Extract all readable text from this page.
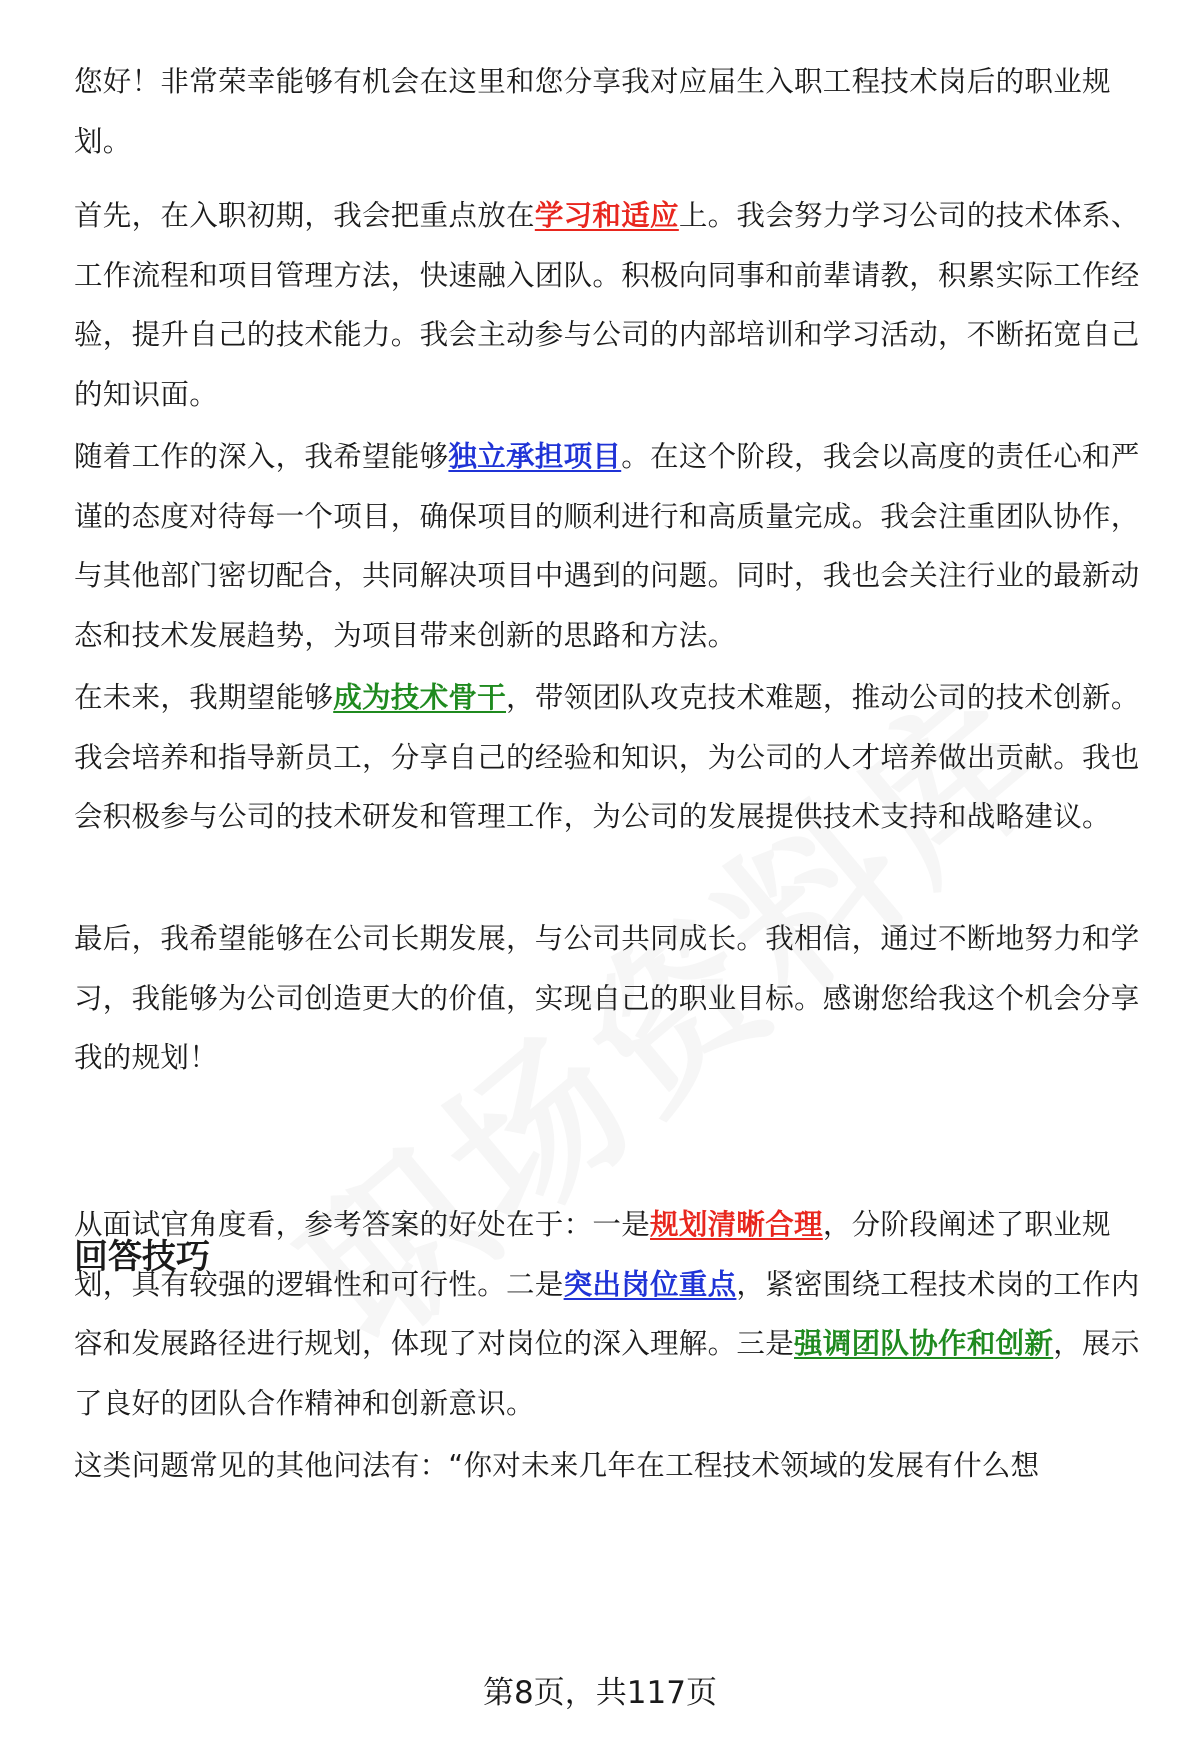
您好！非常荣幸能够有机会在这里和您分享我对应届生入职工程技术岗后的职业规划。

首先，在入职初期，我会把重点放在学习和适应上。我会努力学习公司的技术体系、工作流程和项目管理方法，快速融入团队。积极向同事和前辈请教，积累实际工作经验，提升自己的技术能力。我会主动参与公司的内部培训和学习活动，不断拓宽自己的知识面。

随着工作的深入，我希望能够独立承担项目。在这个阶段，我会以高度的责任心和严谨的态度对待每一个项目，确保项目的顺利进行和高质量完成。我会注重团队协作，与其他部门密切配合，共同解决项目中遇到的问题。同时，我也会关注行业的最新动态和技术发展趋势，为项目带来创新的思路和方法。

在未来，我期望能够成为技术骨干，带领团队攻克技术难题，推动公司的技术创新。我会培养和指导新员工，分享自己的经验和知识，为公司的人才培养做出贡献。我也会积极参与公司的技术研发和管理工作，为公司的发展提供技术支持和战略建议。

最后，我希望能够在公司长期发展，与公司共同成长。我相信，通过不断地努力和学习，我能够为公司创造更大的价值，实现自己的职业目标。感谢您给我这个机会分享我的规划！

回答技巧

从面试官角度看，参考答案的好处在于：一是规划清晰合理，分阶段阐述了职业规划，具有较强的逻辑性和可行性。二是突出岗位重点，紧密围绕工程技术岗的工作内容和发展路径进行规划，体现了对岗位的深入理解。三是强调团队协作和创新，展示了良好的团队合作精神和创新意识。

这类问题常见的其他问法有：“你对未来几年在工程技术领域的发展有什么想

第8页，共117页
